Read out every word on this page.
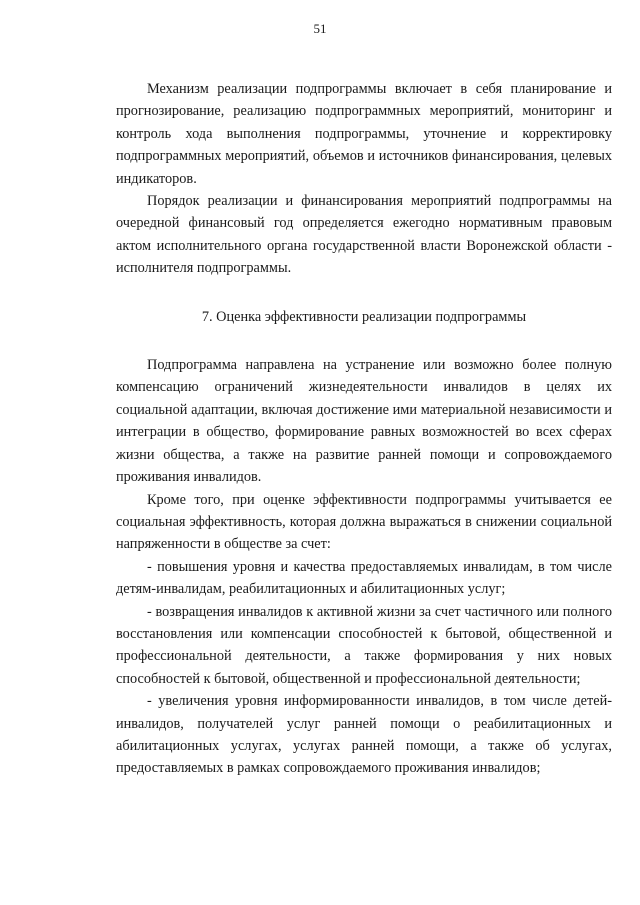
51

Механизм реализации подпрограммы включает в себя планирование и прогнозирование, реализацию подпрограммных мероприятий, мониторинг и контроль хода выполнения подпрограммы, уточнение и корректировку подпрограммных мероприятий, объемов и источников финансирования, целевых индикаторов.

Порядок реализации и финансирования мероприятий подпрограммы на очередной финансовый год определяется ежегодно нормативным правовым актом исполнительного органа государственной власти Воронежской области - исполнителя подпрограммы.

7. Оценка эффективности реализации подпрограммы

Подпрограмма направлена на устранение или возможно более полную компенсацию ограничений жизнедеятельности инвалидов в целях их социальной адаптации, включая достижение ими материальной независимости и интеграции в общество, формирование равных возможностей во всех сферах жизни общества, а также на развитие ранней помощи и сопровождаемого проживания инвалидов.

Кроме того, при оценке эффективности подпрограммы учитывается ее социальная эффективность, которая должна выражаться в снижении социальной напряженности в обществе за счет:

- повышения уровня и качества предоставляемых инвалидам, в том числе детям-инвалидам, реабилитационных и абилитационных услуг;

- возвращения инвалидов к активной жизни за счет частичного или полного восстановления или компенсации способностей к бытовой, общественной и профессиональной деятельности, а также формирования у них новых способностей к бытовой, общественной и профессиональной деятельности;

- увеличения уровня информированности инвалидов, в том числе детей-инвалидов, получателей услуг ранней помощи о реабилитационных и абилитационных услугах, услугах ранней помощи, а также об услугах, предоставляемых в рамках сопровождаемого проживания инвалидов;
